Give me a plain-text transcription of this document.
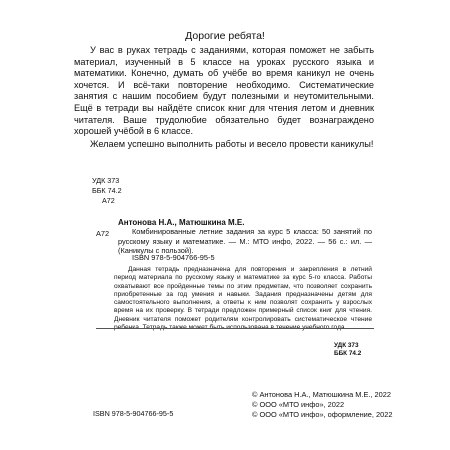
Дорогие ребята!

У вас в руках тетрадь с заданиями, которая поможет не забыть материал, изученный в 5 классе на уроках русского языка и математики. Конечно, думать об учёбе во время каникул не очень хочется. И всё-таки повторение необходимо. Систематические занятия с нашим пособием будут полезными и неутомительными. Ещё в тетради вы найдёте список книг для чтения летом и дневник читателя. Ваше трудолюбие обязательно будет вознаграждено хорошей учёбой в 6 классе.

Желаем успешно выполнить работы и весело провести каникулы!

УДК 373
ББК 74.2
А72
Антонова Н.А., Матюшкина М.Е.
А72	Комбинированные летние задания за курс 5 класса: 50 занятий по русскому языку и математике. — М.: МТО инфо, 2022. — 56 с.: ил. — (Каникулы с пользой).
ISBN 978-5-904766-95-5
Данная тетрадь предназначена для повторения и закрепления в летний период материала по русскому языку и математике за курс 5-го класса. Работы охватывают все пройденные темы по этим предметам, что позволяет сохранить приобретенные за год умения и навыки. Задания предназначены детям для самостоятельного выполнения, а ответы к ним позволят сохранить у взрослых время на их проверку. В тетради предложен примерный список книг для чтения. Дневник читателя поможет родителям контролировать систематическое чтение ребенка. Тетрадь также может быть использована в течение учебного года.
УДК 373
ББК 74.2
ISBN 978-5-904766-95-5
© Антонова Н.А., Матюшкина М.Е., 2022
© ООО «МТО инфо», 2022
© ООО «МТО инфо», оформление, 2022
